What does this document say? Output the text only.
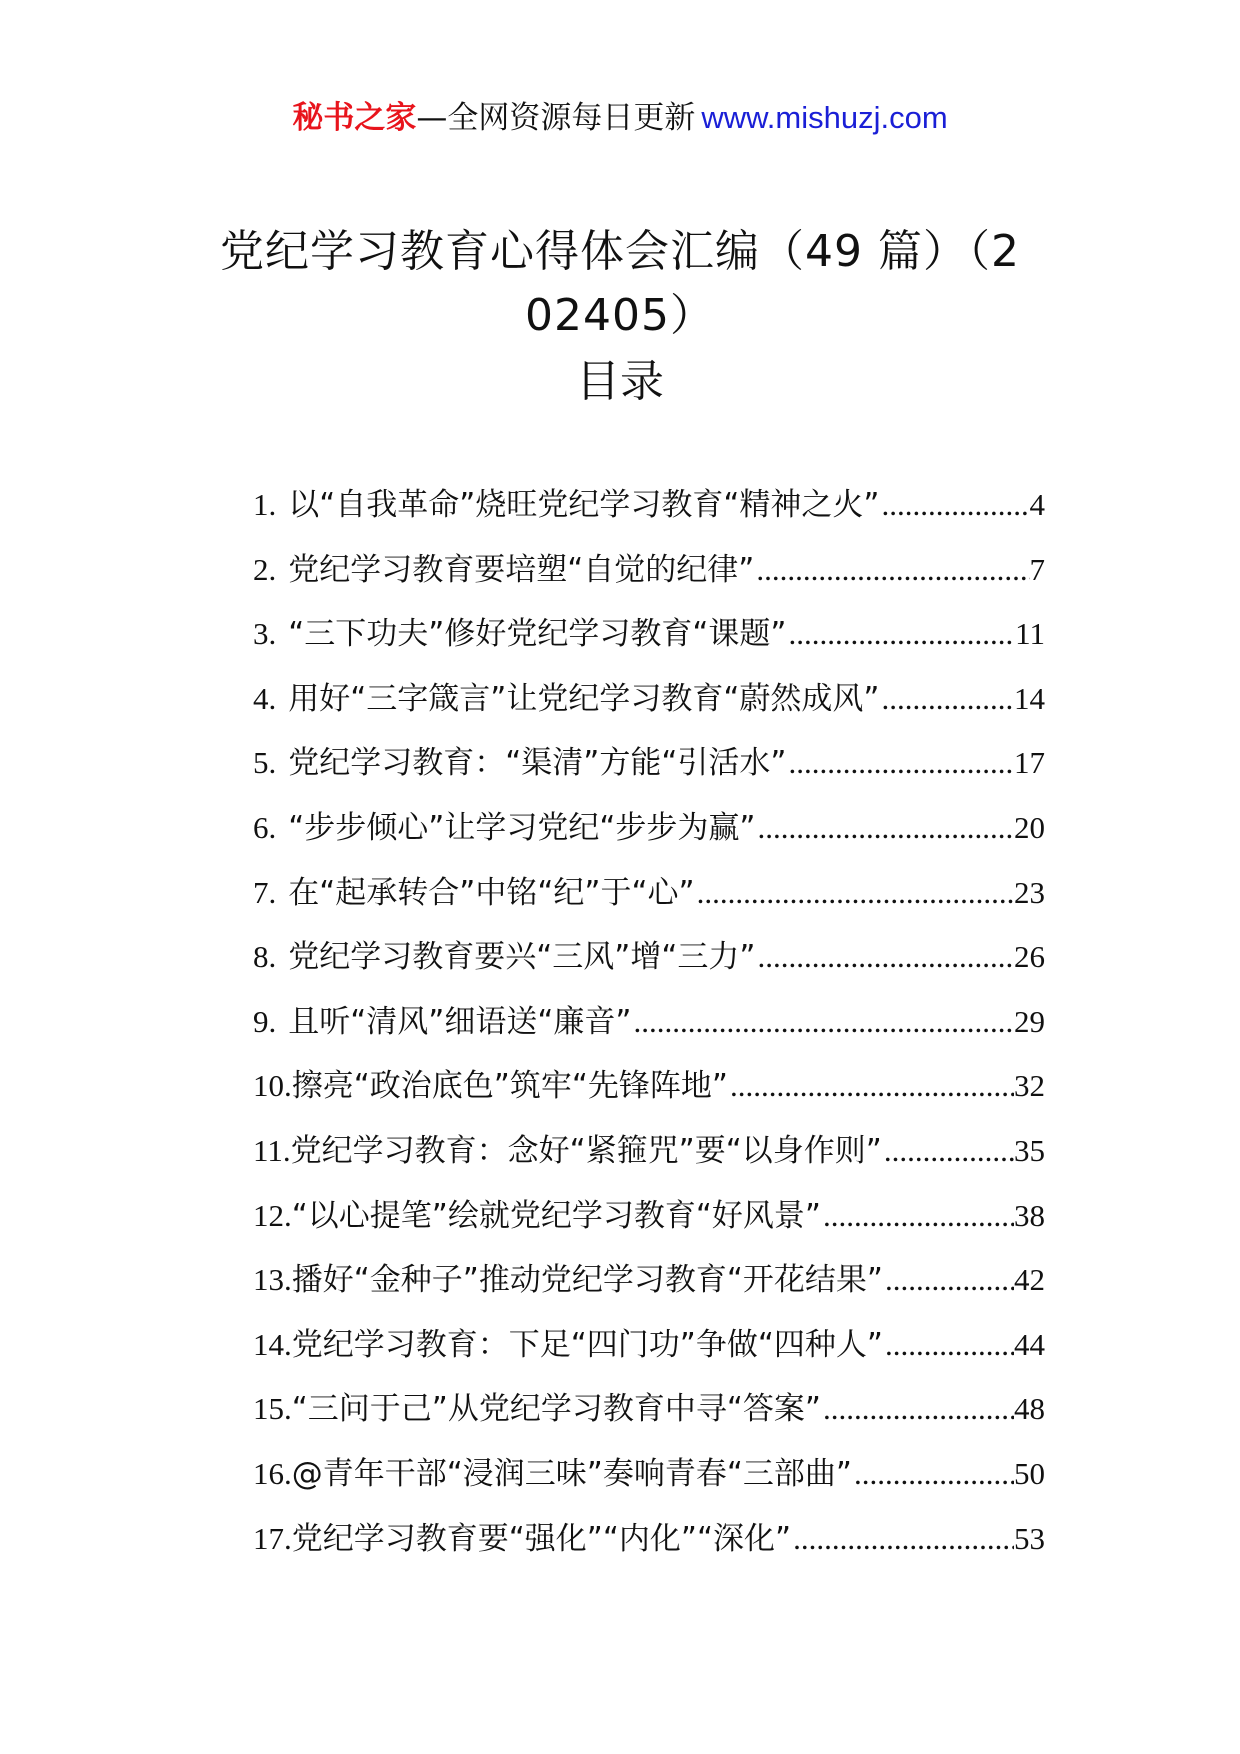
秘书之家—全网资源每日更新 www.mishuzj.com
党纪学习教育心得体会汇编（49 篇）（2
02405）
目录
1. 以“自我革命”烧旺党纪学习教育“精神之火” .....	4
2. 党纪学习教育要培塑“自觉的纪律” .....	7
3. “三下功夫”修好党纪学习教育“课题” .....	11
4. 用好“三字箴言”让党纪学习教育“蔚然成风” .....	14
5. 党纪学习教育：“渠清”方能“引活水” .....	17
6. “步步倾心”让学习党纪“步步为赢” .....	20
7. 在“起承转合”中铭“纪”于“心” .....	23
8. 党纪学习教育要兴“三风”增“三力” .....	26
9. 且听“清风”细语送“廉音” .....	29
10. 擦亮“政治底色”筑牢“先锋阵地” .....	32
11. 党纪学习教育：念好“紧箍咒”要“以身作则” .....	35
12. “以心提笔”绘就党纪学习教育“好风景” .....	38
13. 播好“金种子”推动党纪学习教育“开花结果” .....	42
14. 党纪学习教育：下足“四门功”争做“四种人” .....	44
15. “三问于己”从党纪学习教育中寻“答案” .....	48
16. @青年干部“浸润三味”奏响青春“三部曲” .....	50
17. 党纪学习教育要“强化”“内化”“深化” .....	53
